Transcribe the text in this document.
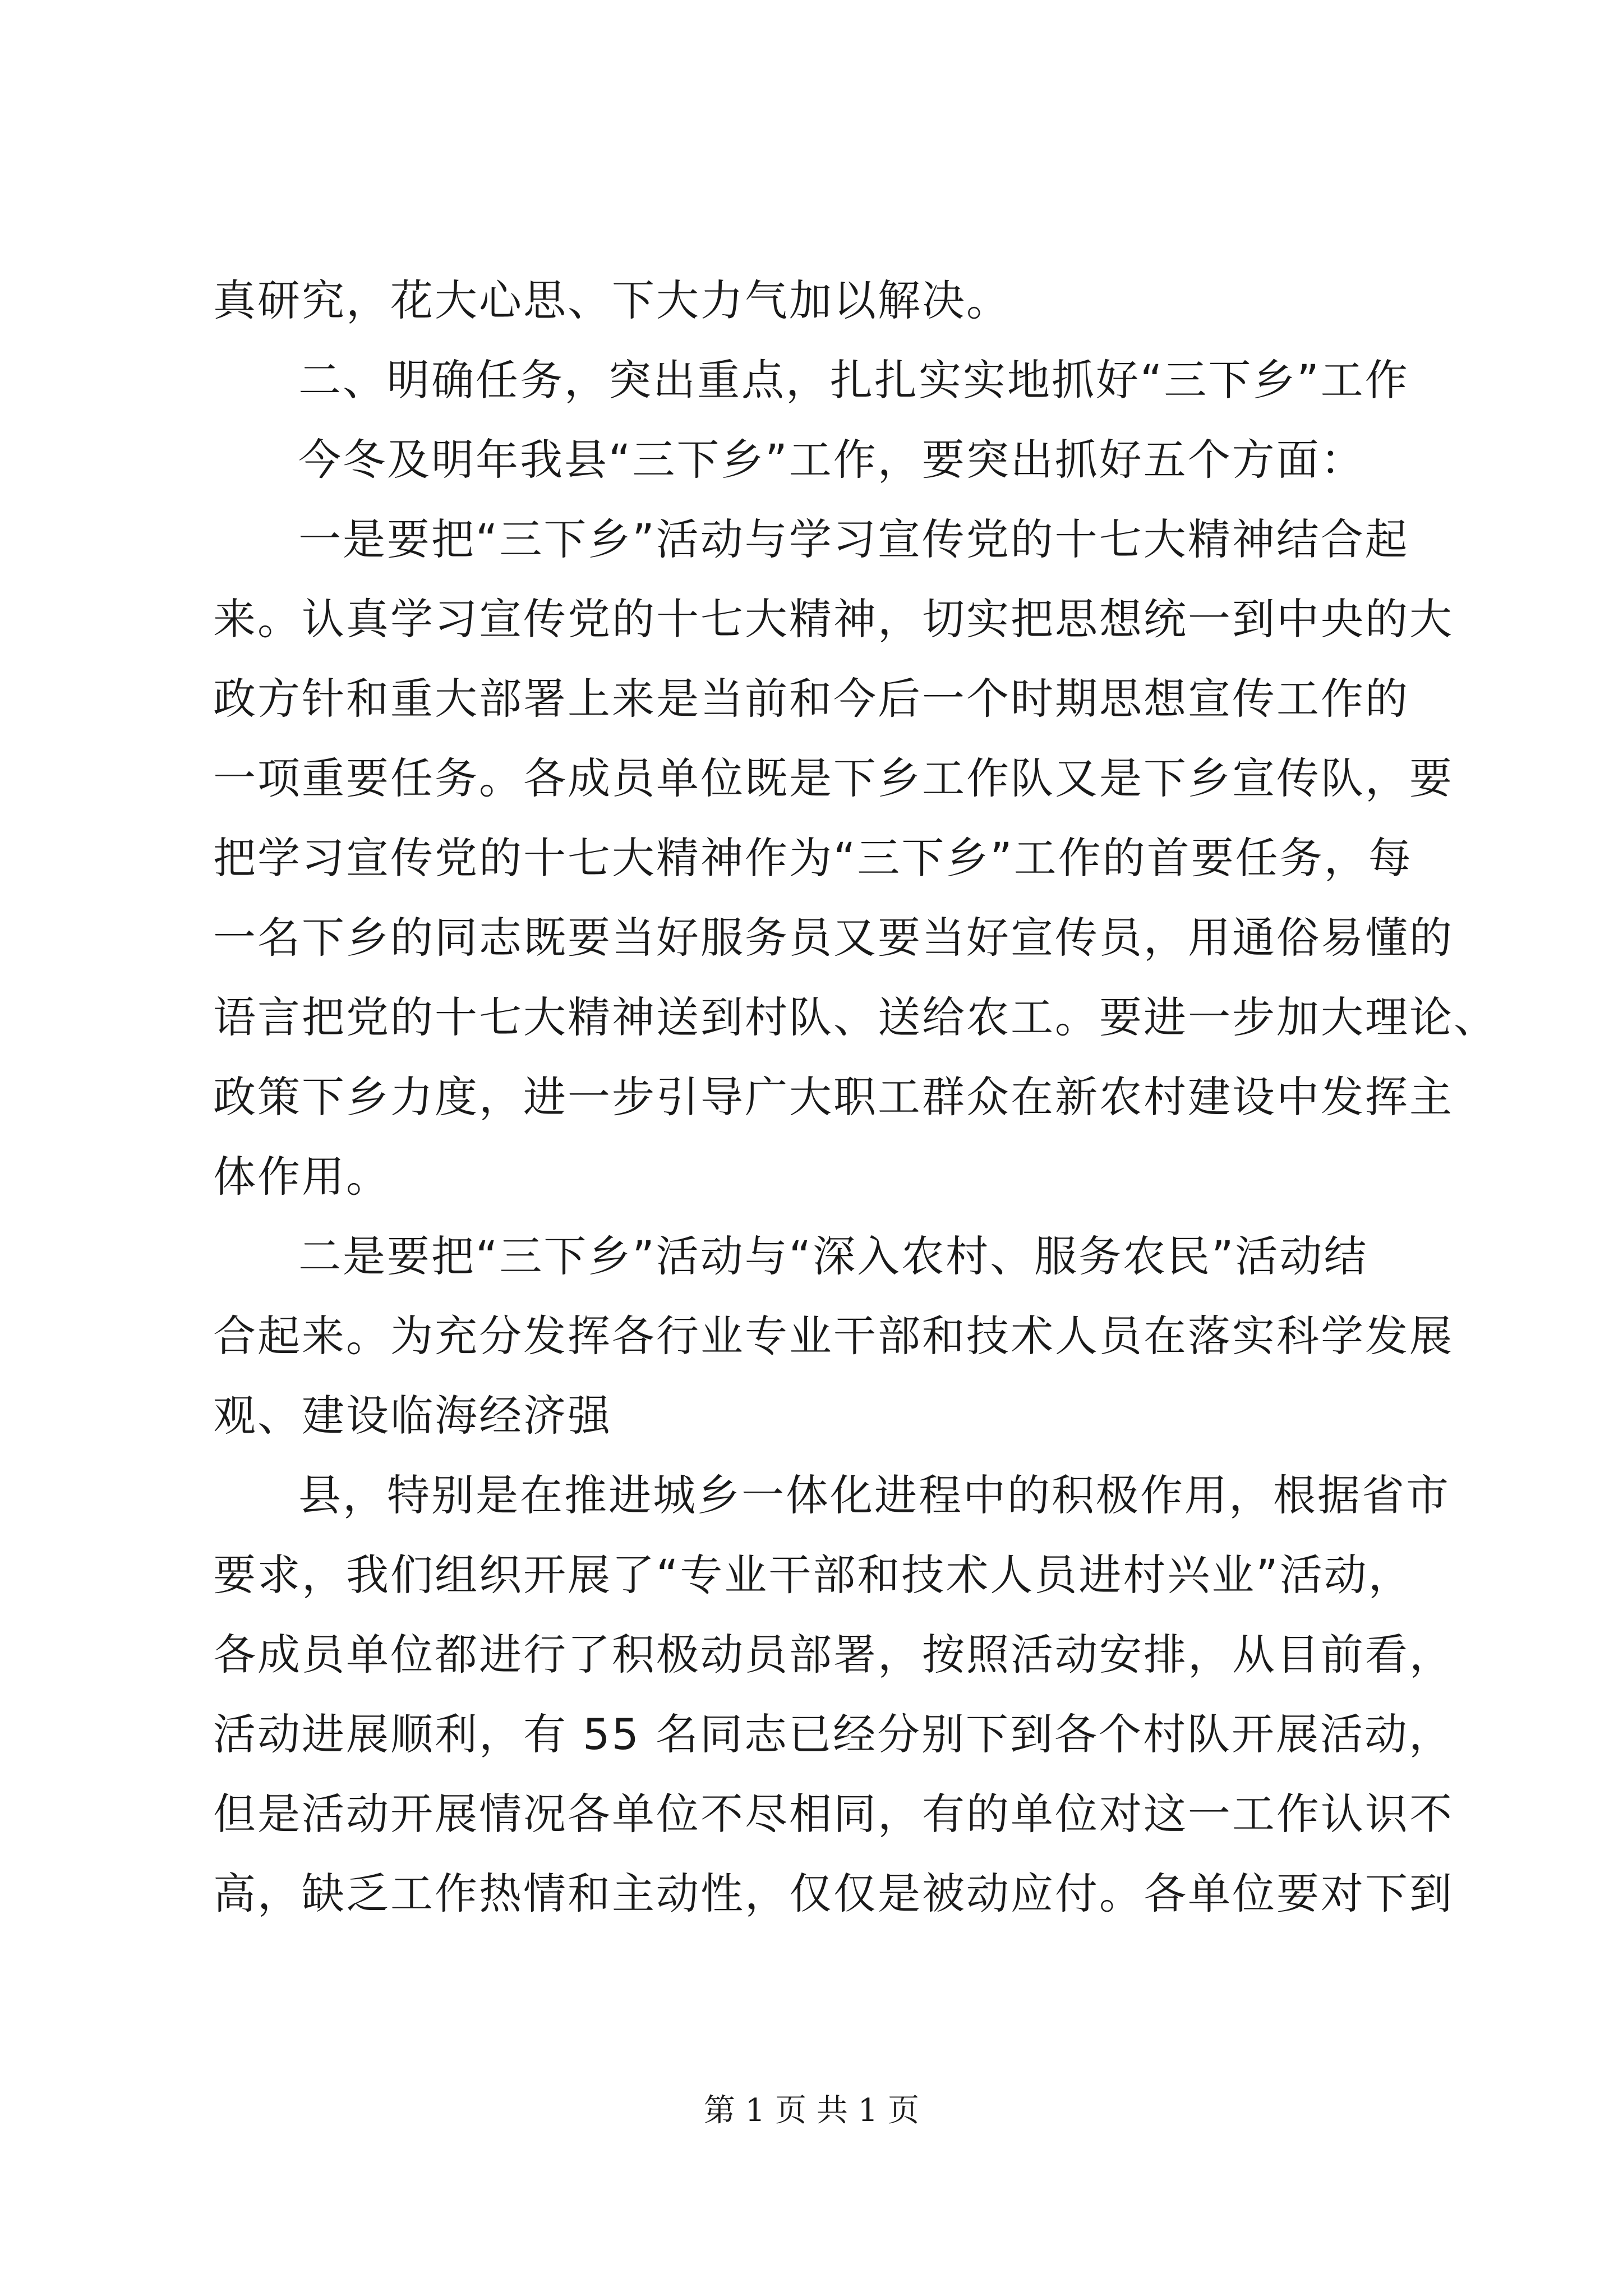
真研究，花大心思、下大力气加以解决。
二、明确任务，突出重点，扎扎实实地抓好“三下乡”工作
今冬及明年我县“三下乡”工作，要突出抓好五个方面：
一是要把“三下乡”活动与学习宣传党的十七大精神结合起
来。认真学习宣传党的十七大精神，切实把思想统一到中央的大
政方针和重大部署上来是当前和今后一个时期思想宣传工作的
一项重要任务。各成员单位既是下乡工作队又是下乡宣传队，要
把学习宣传党的十七大精神作为“三下乡”工作的首要任务，每
一名下乡的同志既要当好服务员又要当好宣传员，用通俗易懂的
语言把党的十七大精神送到村队、送给农工。要进一步加大理论、
政策下乡力度，进一步引导广大职工群众在新农村建设中发挥主
体作用。
二是要把“三下乡”活动与“深入农村、服务农民”活动结
合起来。为充分发挥各行业专业干部和技术人员在落实科学发展
观、建设临海经济强
县，特别是在推进城乡一体化进程中的积极作用，根据省市
要求，我们组织开展了“专业干部和技术人员进村兴业”活动，
各成员单位都进行了积极动员部署，按照活动安排，从目前看，
活动进展顺利，有 55 名同志已经分别下到各个村队开展活动，
但是活动开展情况各单位不尽相同，有的单位对这一工作认识不
高，缺乏工作热情和主动性，仅仅是被动应付。各单位要对下到
第 1 页 共 1 页
